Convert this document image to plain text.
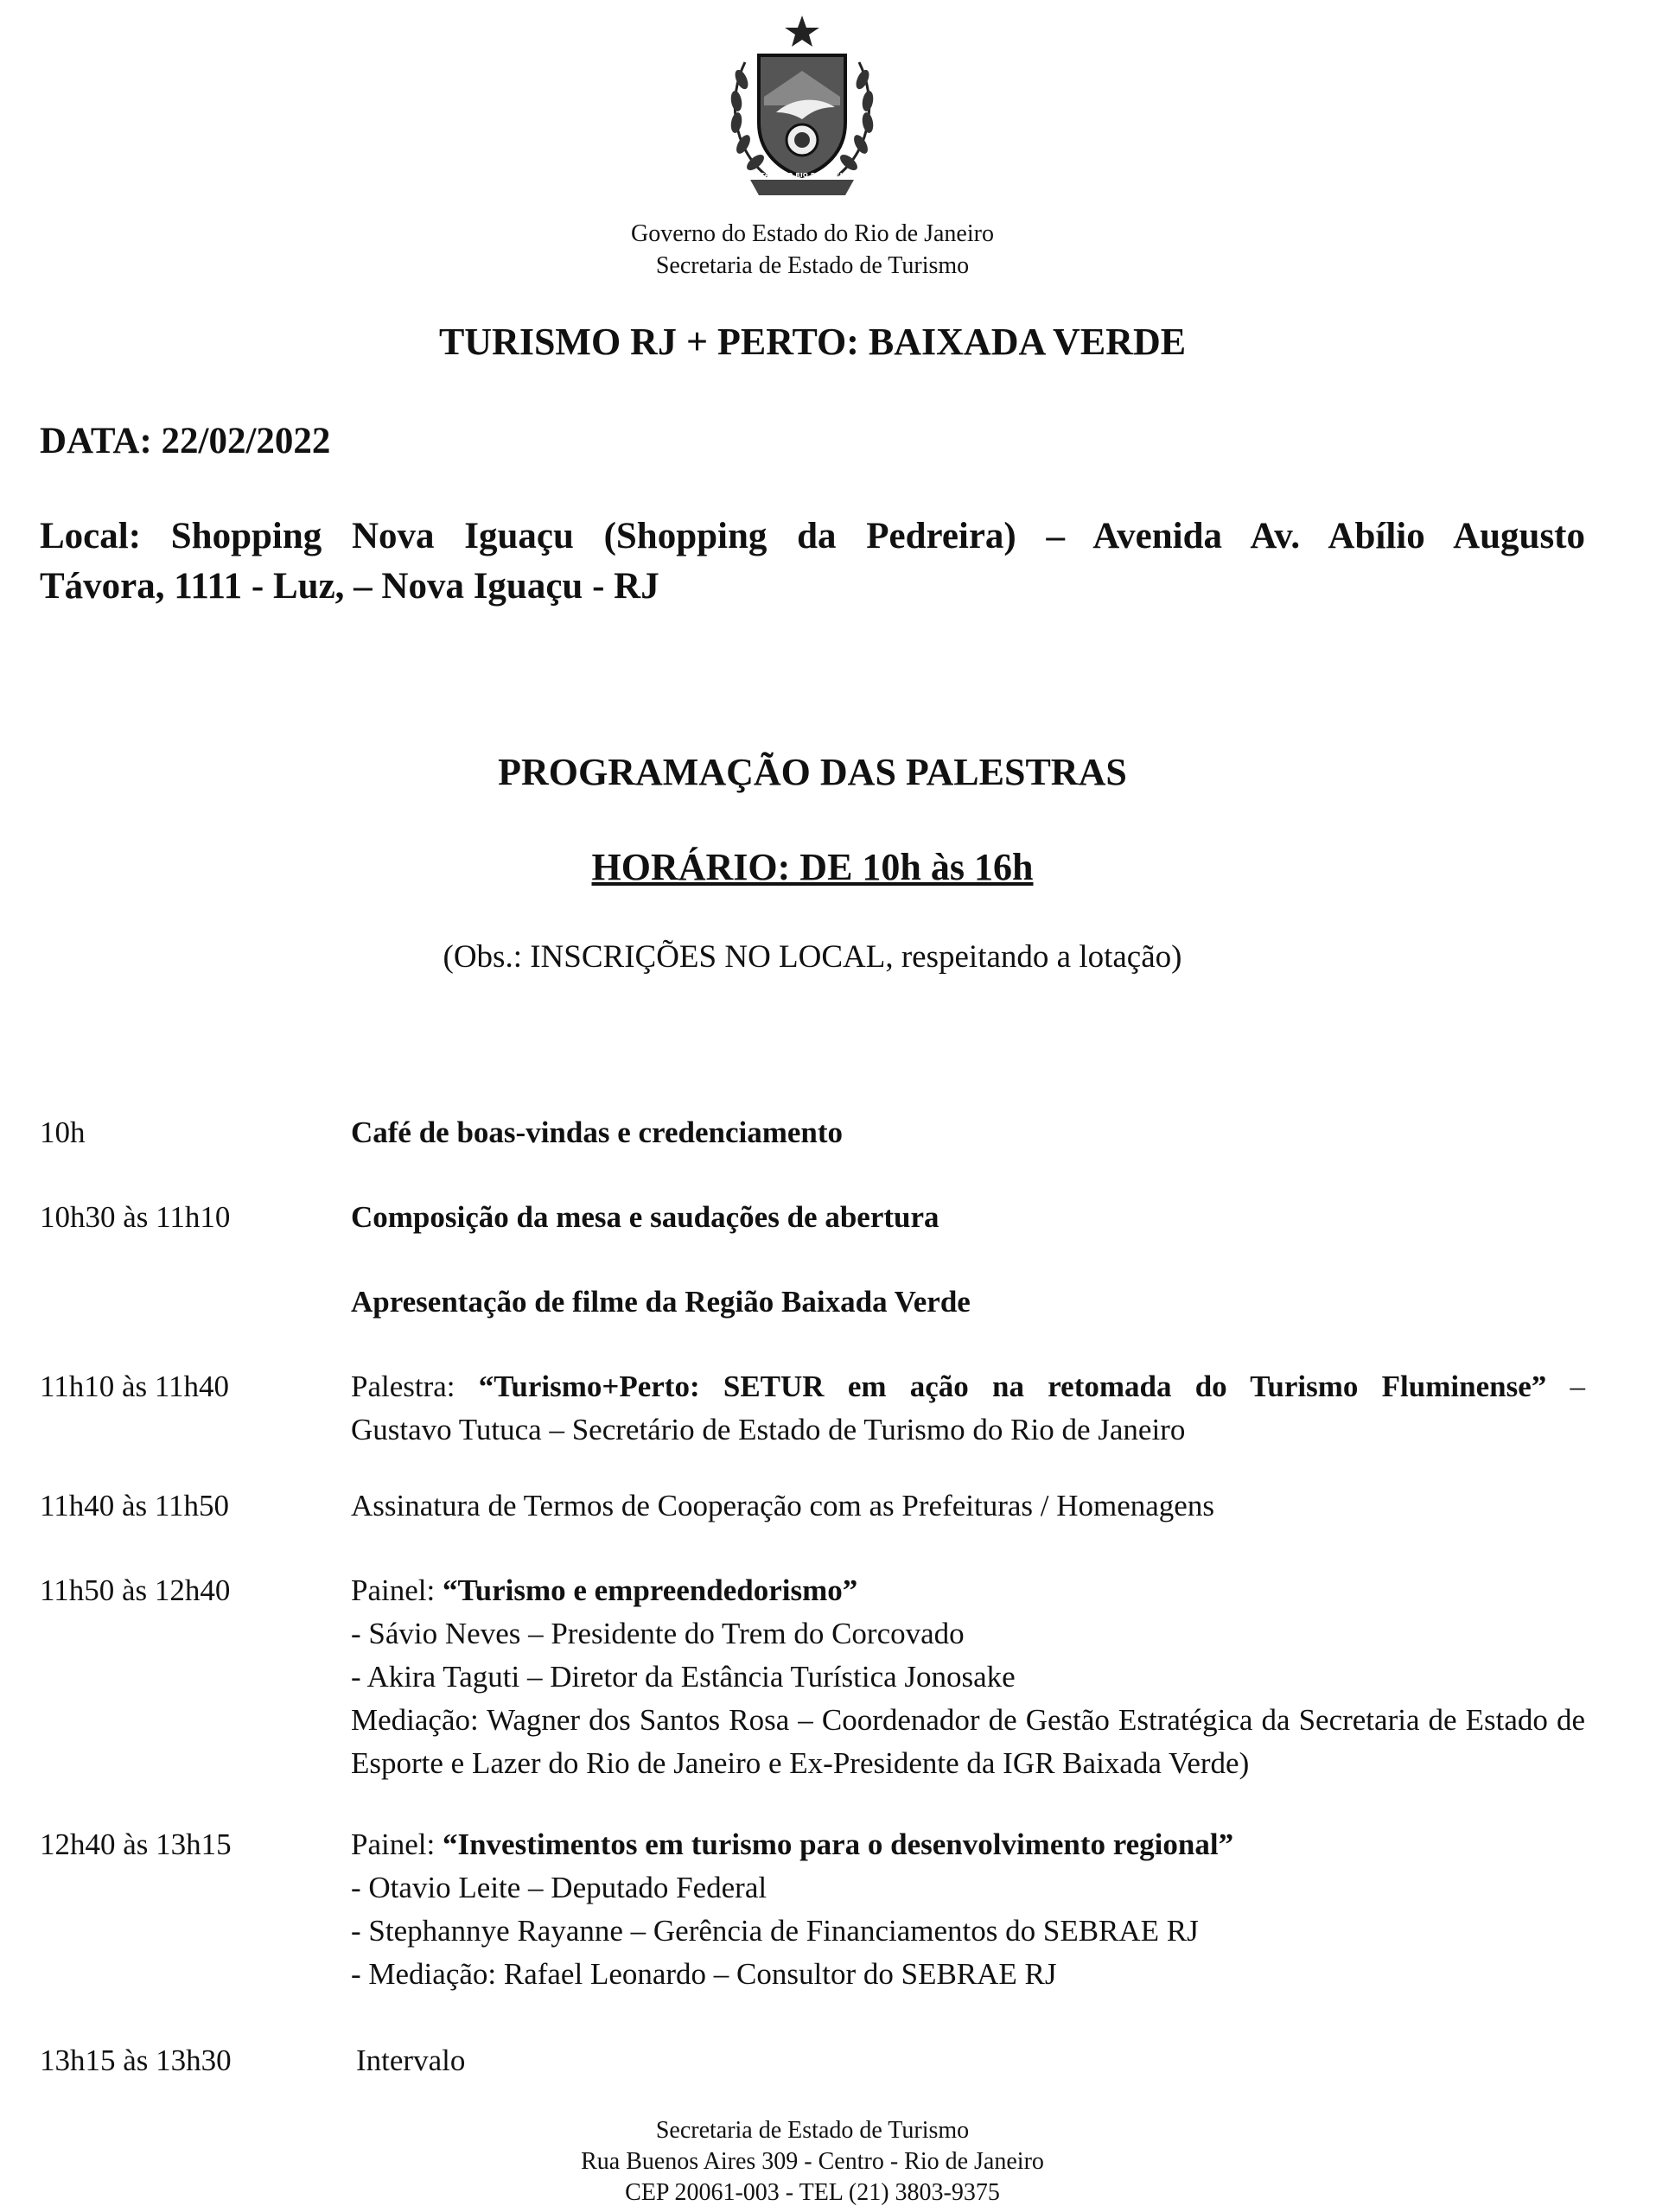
ESTADO DO RIO DE JANEIRO
Governo do Estado do Rio de Janeiro
Secretaria de Estado de Turismo
TURISMO RJ + PERTO: BAIXADA VERDE
DATA: 22/02/2022
Local: Shopping Nova Iguaçu (Shopping da Pedreira) – Avenida Av. Abílio Augusto
Távora, 1111 - Luz, – Nova Iguaçu - RJ
PROGRAMAÇÃO DAS PALESTRAS
HORÁRIO: DE 10h às 16h
(Obs.: INSCRIÇÕES NO LOCAL, respeitando a lotação)
10h	Café de boas-vindas e credenciamento
10h30 às 11h10	Composição da mesa e saudações de abertura
Apresentação de filme da Região Baixada Verde
11h10 às 11h40	Palestra: “Turismo+Perto: SETUR em ação na retomada do Turismo Fluminense” –
Gustavo Tutuca – Secretário de Estado de Turismo do Rio de Janeiro
11h40 às 11h50	Assinatura de Termos de Cooperação com as Prefeituras / Homenagens
11h50 às 12h40	Painel: “Turismo e empreendedorismo”
- Sávio Neves – Presidente do Trem do Corcovado
- Akira Taguti – Diretor da Estância Turística Jonosake
Mediação: Wagner dos Santos Rosa – Coordenador de Gestão Estratégica da Secretaria de Estado de Esporte e Lazer do Rio de Janeiro e Ex-Presidente da IGR Baixada Verde)
12h40 às 13h15	Painel: “Investimentos em turismo para o desenvolvimento regional”
- Otavio Leite – Deputado Federal
- Stephannye Rayanne – Gerência de Financiamentos do SEBRAE RJ
- Mediação: Rafael Leonardo – Consultor do SEBRAE RJ
13h15 às 13h30	Intervalo
Secretaria de Estado de Turismo
Rua Buenos Aires 309 - Centro - Rio de Janeiro
CEP 20061-003 - TEL (21) 3803-9375
